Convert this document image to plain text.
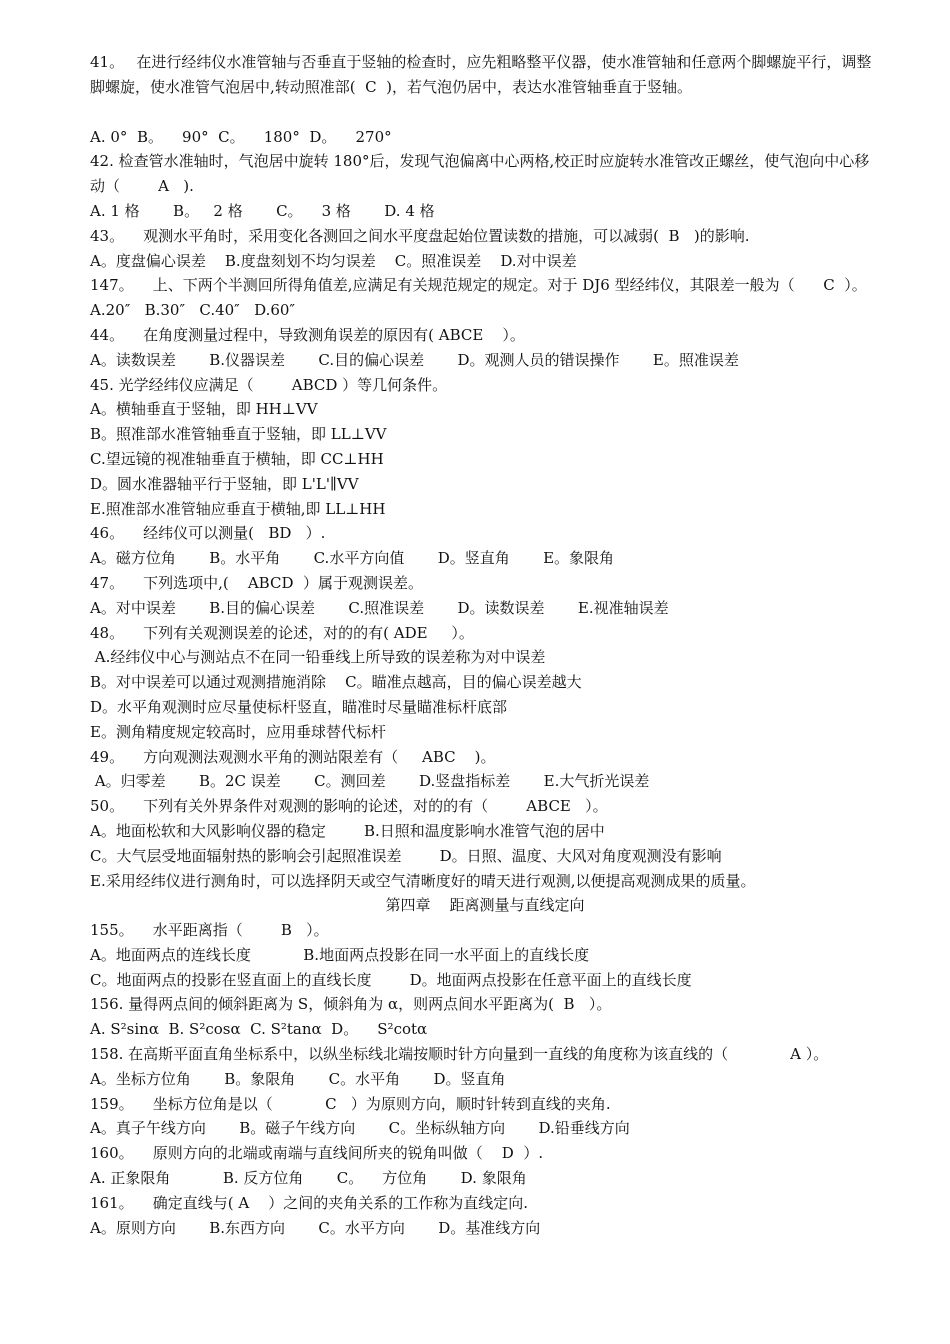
41。　 在进行经纬仪水准管轴与否垂直于竖轴的检查时，应先粗略整平仪器，使水准管轴和任意两个脚螺旋平行，调整脚螺旋，使水准管气泡居中,转动照准部(  C  )，若气泡仍居中，表达水准管轴垂直于竖轴。
A. 0°  B。    90°  C。    180°  D。    270°
42. 检查管水准轴时，气泡居中旋转 180°后，发现气泡偏离中心两格,校正时应旋转水准管改正螺丝，使气泡向中心移动（        A   ).
A. 1 格       B。   2 格       C。    3 格       D. 4 格
43。    观测水平角时，采用变化各测回之间水平度盘起始位置读数的措施，可以减弱(  B   )的影响.
A。度盘偏心误差    B.度盘刻划不均匀误差    C。照准误差    D.对中误差
147。    上、下两个半测回所得角值差,应满足有关规范规定的规定。对于 DJ6 型经纬仪，其限差一般为（      C  ）。
A.20″   B.30″   C.40″   D.60″
44。    在角度测量过程中，导致测角误差的原因有( ABCE    ）。
A。读数误差       B.仪器误差       C.目的偏心误差       D。观测人员的错误操作       E。照准误差
45. 光学经纬仪应满足（        ABCD ）等几何条件。
A。横轴垂直于竖轴，即 HH⊥VV
B。照准部水准管轴垂直于竖轴，即 LL⊥VV
C.望远镜的视准轴垂直于横轴，即 CC⊥HH
D。圆水准器轴平行于竖轴，即 L'L'∥VV
E.照准部水准管轴应垂直于横轴,即 LL⊥HH
46。    经纬仪可以测量(   BD   ）.
A。磁方位角       B。水平角       C.水平方向值       D。竖直角       E。象限角
47。    下列选项中,(    ABCD  ）属于观测误差。
A。对中误差       B.目的偏心误差       C.照准误差       D。读数误差       E.视准轴误差
48。    下列有关观测误差的论述，对的的有( ADE     ）。
A.经纬仪中心与测站点不在同一铅垂线上所导致的误差称为对中误差
B。对中误差可以通过观测措施消除    C。瞄准点越高，目的偏心误差越大
D。水平角观测时应尽量使标杆竖直，瞄准时尽量瞄准标杆底部
E。测角精度规定较高时，应用垂球替代标杆
49。    方向观测法观测水平角的测站限差有（     ABC    )。
A。归零差       B。2C 误差       C。测回差       D.竖盘指标差       E.大气折光误差
50。    下列有关外界条件对观测的影响的论述，对的的有（        ABCE   ）。
A。地面松软和大风影响仪器的稳定        B.日照和温度影响水准管气泡的居中
C。大气层受地面辐射热的影响会引起照准误差        D。日照、温度、大风对角度观测没有影响
E.采用经纬仪进行测角时，可以选择阴天或空气清晰度好的晴天进行观测,以便提高观测成果的质量。
第四章    距离测量与直线定向
155。    水平距离指（        B   ）。
A。地面两点的连线长度           B.地面两点投影在同一水平面上的直线长度
C。地面两点的投影在竖直面上的直线长度        D。地面两点投影在任意平面上的直线长度
156. 量得两点间的倾斜距离为 S，倾斜角为 α，则两点间水平距离为(  B   ）。
A. S²sinα  B. S²cosα  C. S²tanα  D。    S²cotα
158. 在高斯平面直角坐标系中，以纵坐标线北端按顺时针方向量到一直线的角度称为该直线的（             A ）。
A。坐标方位角       B。象限角       C。水平角       D。竖直角
159。    坐标方位角是以（           C   ）为原则方向，顺时针转到直线的夹角.
A。真子午线方向       B。磁子午线方向       C。坐标纵轴方向       D.铅垂线方向
160。    原则方向的北端或南端与直线间所夹的锐角叫做（    D  ）.
A. 正象限角           B. 反方位角       C。    方位角       D. 象限角
161。    确定直线与( A    ）之间的夹角关系的工作称为直线定向.
A。原则方向       B.东西方向       C。水平方向       D。基准线方向
